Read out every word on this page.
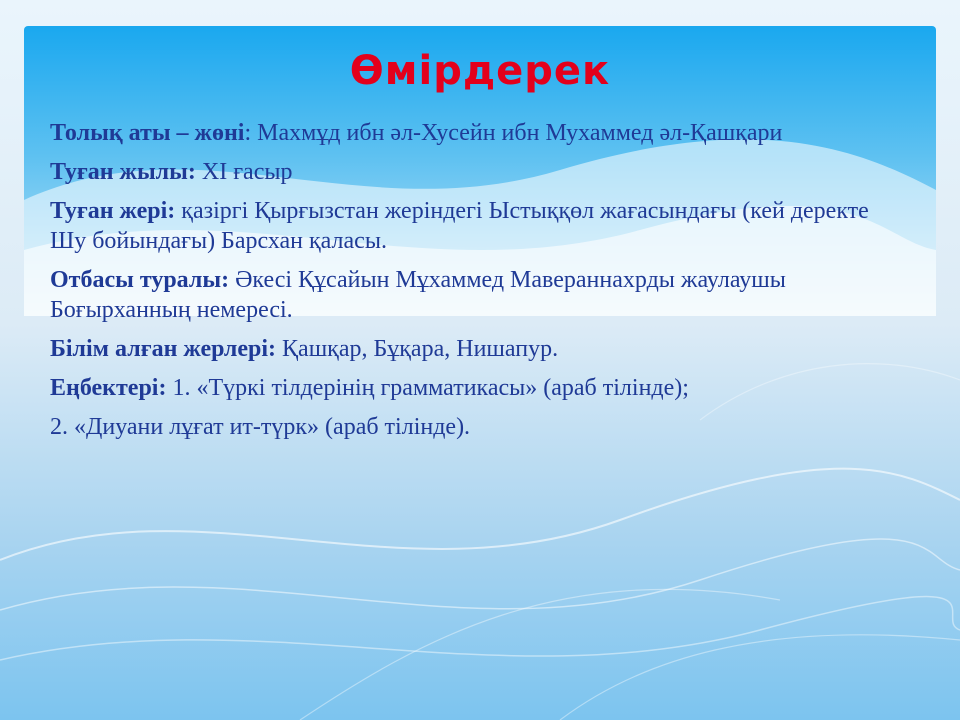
Өмірдерек

Толық аты – жөні: Махмұд ибн әл-Хусейн ибн Мухаммед әл-Қашқари

Туған жылы: XI ғасыр

Туған жері: қазіргі Қырғызстан жеріндегі Ыстыққөл жағасындағы (кей деректе Шу бойындағы) Барсхан қаласы.

Отбасы туралы: Әкесі Құсайын Мұхаммед Мавераннахрды жаулаушы Боғырханның немересі.

Білім алған жерлері: Қашқар, Бұқара, Нишапур.

Еңбектері: 1. «Түркі тілдерінің грамматикасы» (араб тілінде);

2. «Диуани лұғат ит-түрк» (араб тілінде).
